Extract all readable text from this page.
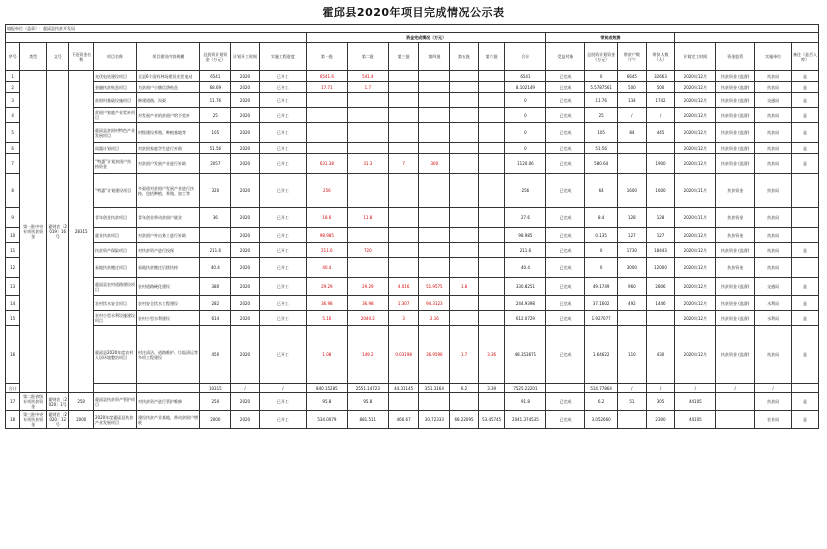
霍邱县2020年项目完成情况公示表
填报单位（盖章）：霍邱县扶贫开发局																							
									资金完成情况（万元）							带贫成效测							
序号	类型	文号	下达资金名称	项目名称	项目建设内容规模	总投资计划资金（万元）	计划开工时间	实施工程进度	第一批	第二批	第三批	第四批	第五批	第六批	合计	受益对象	总投资计划资金（万元）	带贫户数（户）	带贫人数（人）	计划完工时间	资金监管	实施单位	备注（是否入库）
1	第一批中央专项扶贫资金	霍财农〔2019〕16号	28315	光伏电站建设项目	全县6个国有林场建设光伏电站	6541	2020	已开工	6541.6	541.4					6541	已完成	0	6645	32663	2020年12月	扶贫资金 (监督)	扶贫局	是
2				金融扶贫贴息项目	为贫困户小额信贷贴息	68.69	2020	已开工	17.71	1.7					8.102149	已完成	5.5787561	500	500	2020年12月	扶贫资金 (监督)	扶贫局	是
3				贫困村基础设施项目	修建道路、沟渠	11.76	2020	已开工							0	已完成	11.76	134	1742	2020年12月	扶贫资金 (监督)	交通局	是
4				贫困户家庭产业奖补项目	对发展产业的贫困户给予奖补	25	2020	已开工							0	已完成	25	/	/	2020年12月	扶贫资金 (监督)	扶贫局	是
5				霍邱县贫困村特色产业发展项目	村级建设养殖、种植基地等	105	2020	已开工							0	已完成	105	84	445	2020年12月	扶贫资金 (监督)	扶贫局	是
6				雨露计划项目	对贫困家庭学生进行补助	51.56	2020	已开工							0	已完成	51.56			2020年12月	扶贫资金 (监督)	扶贫局	是
7				“特惠”计划贫困户扶持资金	对贫困户发展产业进行补助	2057	2020	已开工	631.38	31.3	7	300			1120.06	已完成	580.64		1900	2020年12月	扶贫资金 (监督)	扶贫局	是
8				“特惠”计划建设项目	多渠道对贫困户发展产业进行扶持，包括种植、养殖、加工等	320	2020	已开工	256						256	已完成	64	1600	1600	2020年11月	扶贫资金	扶贫局	
9				青年创业扶贫项目	青年创业带动贫困户就业	36	2020	已开工	18.6	11.8					27.6	已完成	8.4	128	128	2020年11月	扶贫资金	扶贫局	
10				就业扶贫项目	对贫困户外出务工进行补助		2020	已开工	98.985						98.985	已完成	0.135	127	127	2020年12月	扶贫资金	扶贫局	
11				扶贫资产保险项目	对扶贫资产进行投保	211.6	2020	已开工	211.6	720					211.6	已完成	0	1730	18443	2020年12月	扶贫资金 (监督)	扶贫局	是
12				易地扶贫搬迁项目	易地扶贫搬迁后续扶持	40.4	2020	已开工	40.4						40.4	已完成	0	3000	12000	2020年12月	扶贫资金	扶贫局	
13				霍邱县农村道路建设项目	农村道路硬化建设	380	2020	已开工	29.29	29.29	4.016	51.9575	1.8		330.8251	已完成	49.1749	960	2806	2020年12月	扶贫资金 (监督)	交通局	是
14				农村饮水安全项目	农村安全饮水工程建设	282	2020	已开工	36.98	36.98	1.307	94.3123			244.9398	已完成	37.1602	492	1446	2020年12月	扶贫资金 (监督)	水利局	是
15				农村小型水利设施建设项目	农村小型水利建设	614	2020	已开工	5.16	2040.2	3	2.16			612.0729	已完成	1.927077			2020年12月	扶贫资金 (监督)	水利局	是
16				霍邱县2020年度农村人居环境整治项目	村庄清洁、道路维护、垃圾清运等多项工程建设	450	2020	已开工	1.08	149.2	0.03198	36.9596	1.7	3.36	48.353671	已完成	1.64622	110	430	2020年12月	扶贫资金 (监督)	扶贫局	是
合计						10315	/	/	840.15285	2551.14723	44.31145	351.3164	6.2	3.39	7525.22201		514.77864	/	/	/	/	/	
17	第二批省级专项扶贫资金	霍财农〔2020〕1号	250	霍邱县扶贫资产管护项目	对扶贫资产进行管护维修	250	2020	已开工	95.8	95.8					91.8	已完成	6.2	51	305	44105		扶贫局	是
18	第三批中央专项扶贫资金	霍财农〔2020〕12号	2000	2020年度霍邱县扶贫产业发展项目	建设扶贫产业基地，带动贫困户增收	2000	2020	已开工	534.0079	881.511	466.67	30.72333	68.22095	53.45745	2041.374535	已完成	3.052660		2300	44105		农业局	是
